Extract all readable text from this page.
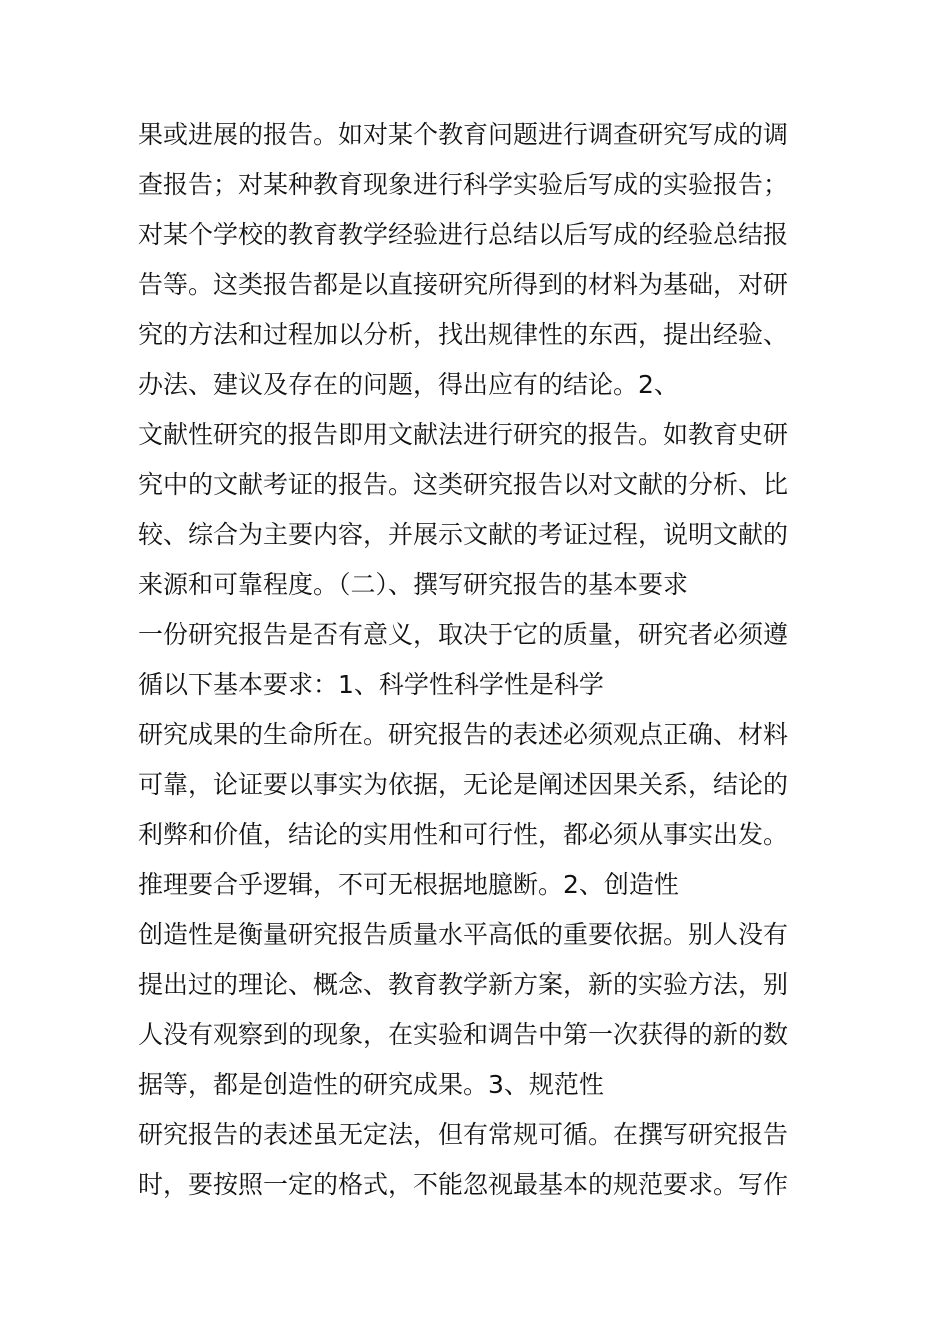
果或进展的报告。如对某个教育问题进行调查研究写成的调
查报告；对某种教育现象进行科学实验后写成的实验报告；
对某个学校的教育教学经验进行总结以后写成的经验总结报
告等。这类报告都是以直接研究所得到的材料为基础，对研
究的方法和过程加以分析，找出规律性的东西，提出经验、
办法、建议及存在的问题，得出应有的结论。2、
文献性研究的报告即用文献法进行研究的报告。如教育史研
究中的文献考证的报告。这类研究报告以对文献的分析、比
较、综合为主要内容，并展示文献的考证过程，说明文献的
来源和可靠程度。（二）、撰写研究报告的基本要求
一份研究报告是否有意义，取决于它的质量，研究者必须遵
循以下基本要求：1、科学性科学性是科学
研究成果的生命所在。研究报告的表述必须观点正确、材料
可靠，论证要以事实为依据，无论是阐述因果关系，结论的
利弊和价值，结论的实用性和可行性，都必须从事实出发。
推理要合乎逻辑，不可无根据地臆断。2、创造性
创造性是衡量研究报告质量水平高低的重要依据。别人没有
提出过的理论、概念、教育教学新方案，新的实验方法，别
人没有观察到的现象，在实验和调告中第一次获得的新的数
据等，都是创造性的研究成果。3、规范性
研究报告的表述虽无定法，但有常规可循。在撰写研究报告
时，要按照一定的格式，不能忽视最基本的规范要求。写作
